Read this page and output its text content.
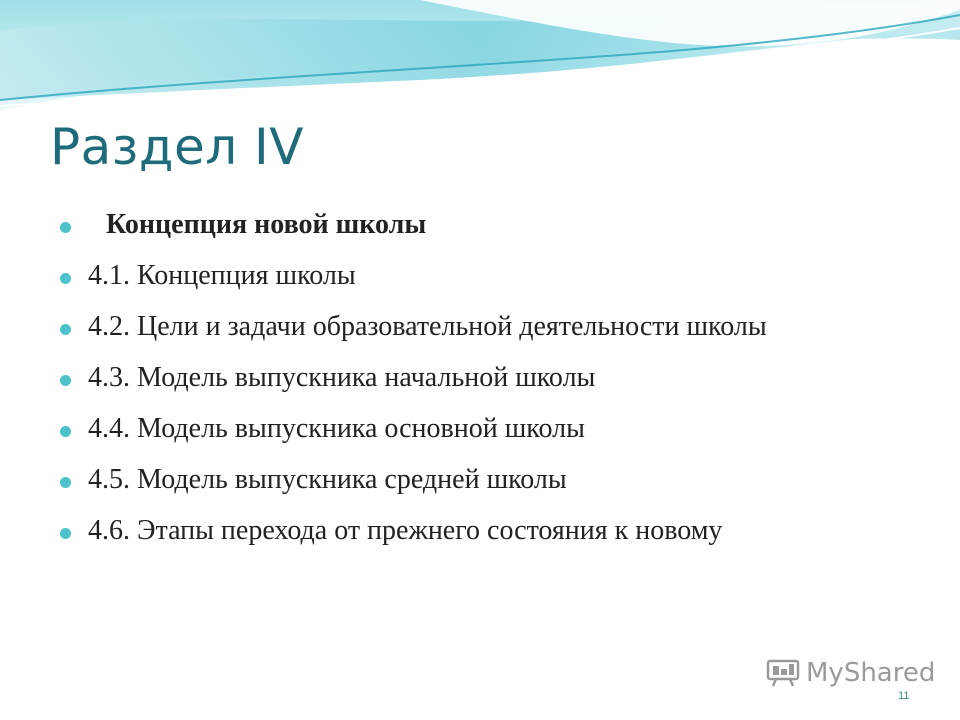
Раздел IV
Концепция новой школы
4.1. Концепция школы
4.2. Цели и задачи образовательной деятельности школы
4.3. Модель выпускника начальной школы
4.4. Модель выпускника основной школы
4.5. Модель выпускника средней школы
4.6. Этапы перехода от прежнего состояния к новому
MyShared
11
